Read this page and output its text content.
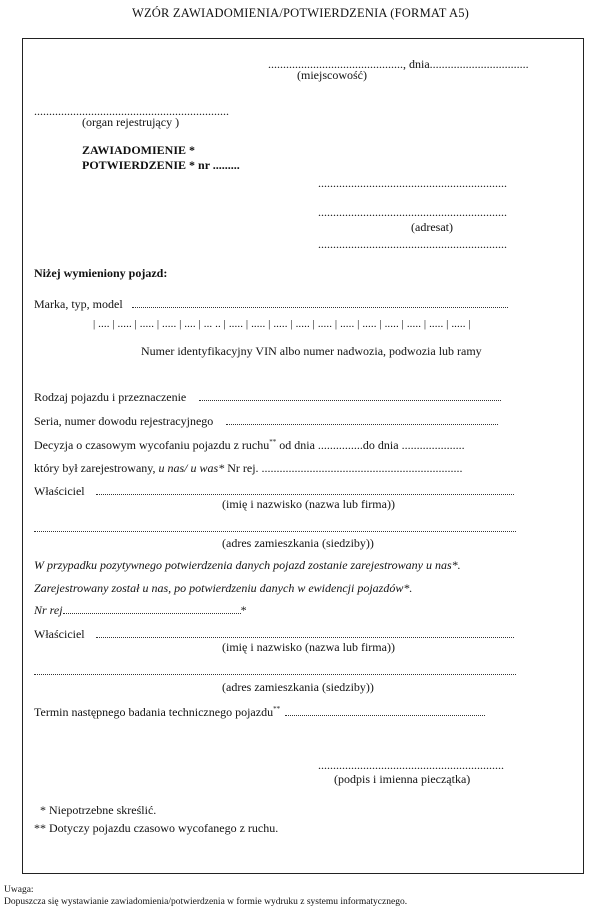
WZÓR ZAWIADOMIENIA/POTWIERDZENIA (FORMAT A5)
............................................., dnia.................................
(miejscowość)
.................................................................
(organ rejestrujący )
ZAWIADOMIENIE *
POTWIERDZENIE * nr .........
...............................................................
...............................................................
(adresat)
...............................................................
Niżej wymieniony pojazd:
Marka, typ, model
| .... | ..... | ..... | ..... | .... | ... .. | ..... | ..... | ..... | ..... | ..... | ..... | ..... | ..... | ..... | ..... | ..... |
Numer identyfikacyjny VIN albo numer nadwozia, podwozia lub ramy
Rodzaj pojazdu i przeznaczenie
Seria, numer dowodu rejestracyjnego
Decyzja o czasowym wycofaniu pojazdu z ruchu** od dnia ...............do dnia .....................
który był zarejestrowany, u nas/ u was* Nr rej. ...................................................................
Właściciel
(imię i nazwisko (nazwa lub firma))
(adres zamieszkania (siedziby))
W przypadku pozytywnego potwierdzenia danych pojazd zostanie zarejestrowany u nas*.
Zarejestrowany został u nas, po potwierdzeniu danych w ewidencji pojazdów*.
Nr rej	*
Właściciel
(imię i nazwisko (nazwa lub firma))
(adres zamieszkania (siedziby))
Termin następnego badania technicznego pojazdu**
..............................................................
(podpis i imienna pieczątka)
* Niepotrzebne skreślić.
** Dotyczy pojazdu czasowo wycofanego z ruchu.
Uwaga:
Dopuszcza się wystawianie zawiadomienia/potwierdzenia w formie wydruku z systemu informatycznego.
